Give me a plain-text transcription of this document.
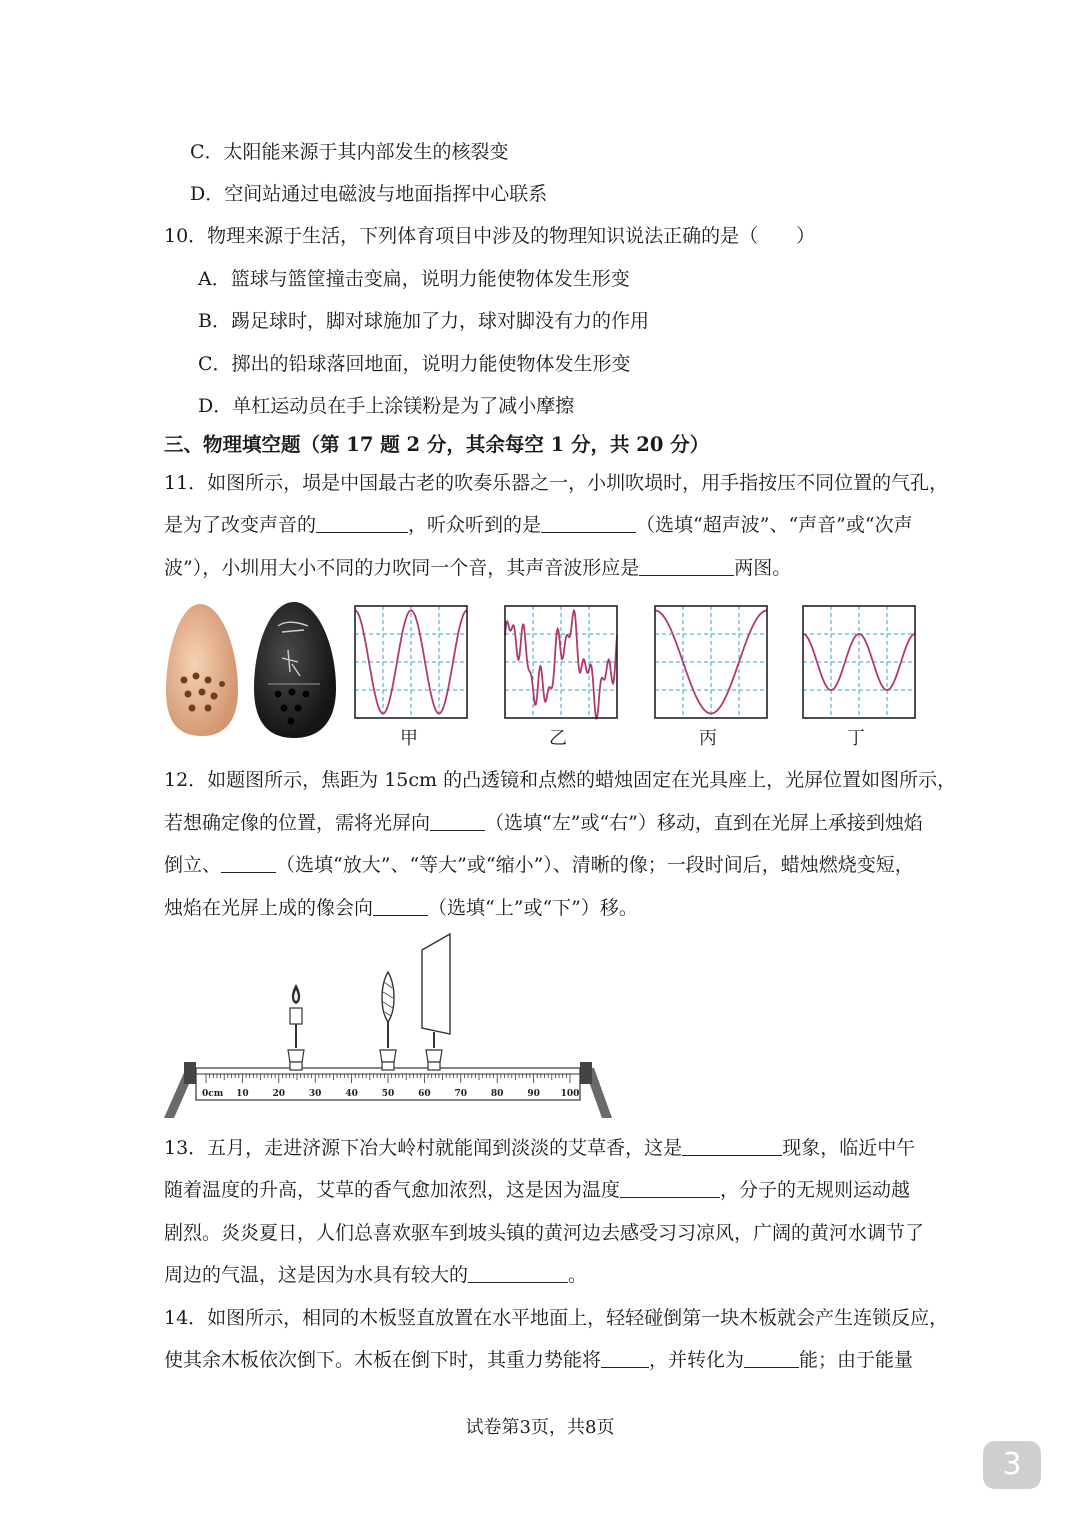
C．太阳能来源于其内部发生的核裂变
D．空间站通过电磁波与地面指挥中心联系
10．物理来源于生活，下列体育项目中涉及的物理知识说法正确的是（　　）
A．篮球与篮筐撞击变扁，说明力能使物体发生形变
B．踢足球时，脚对球施加了力，球对脚没有力的作用
C．掷出的铅球落回地面，说明力能使物体发生形变
D．单杠运动员在手上涂镁粉是为了减小摩擦
三、物理填空题（第 17 题 2 分，其余每空 1 分，共 20 分）
11．如图所示，埙是中国最古老的吹奏乐器之一，小圳吹埙时，用手指按压不同位置的气孔，
是为了改变声音的	，听众听到的是	（选填“超声波”、“声音”或“次声
波”），小圳用大小不同的力吹同一个音，其声音波形应是	两图。
甲	乙	丙	丁
12．如题图所示，焦距为 15cm 的凸透镜和点燃的蜡烛固定在光具座上，光屏位置如图所示，
若想确定像的位置，需将光屏向	（选填“左”或“右”）移动，直到在光屏上承接到烛焰
倒立、	（选填“放大”、“等大”或“缩小”）、清晰的像；一段时间后，蜡烛燃烧变短，
烛焰在光屏上成的像会向	（选填“上”或“下”）移。
0cm 10	20	30	40	50	60	70	80	90 100
13．五月，走进济源下冶大岭村就能闻到淡淡的艾草香，这是	现象，临近中午
随着温度的升高，艾草的香气愈加浓烈，这是因为温度	，分子的无规则运动越
剧烈。炎炎夏日，人们总喜欢驱车到坡头镇的黄河边去感受习习凉风，广阔的黄河水调节了
周边的气温，这是因为水具有较大的	。
14．如图所示，相同的木板竖直放置在水平地面上，轻轻碰倒第一块木板就会产生连锁反应，
使其余木板依次倒下。木板在倒下时，其重力势能将	，并转化为	能；由于能量
试卷第3页，共8页
3
